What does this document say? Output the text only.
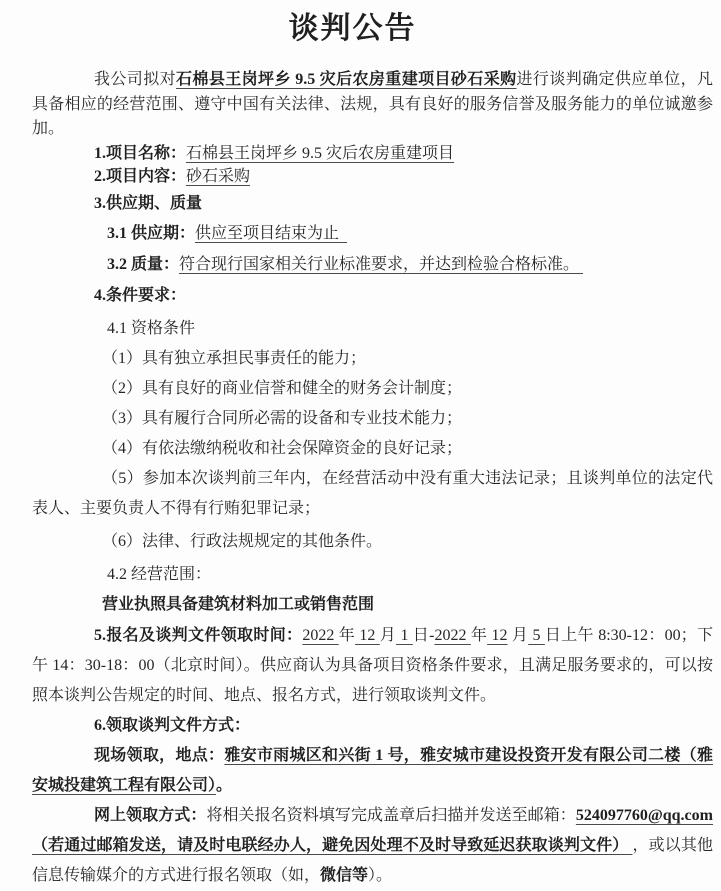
谈判公告
我公司拟对石棉县王岗坪乡 9.5 灾后农房重建项目砂石采购进行谈判确定供应单位，凡具备相应的经营范围、遵守中国有关法律、法规，具有良好的服务信誉及服务能力的单位诚邀参加。
1.项目名称：石棉县王岗坪乡 9.5 灾后农房重建项目
2.项目内容：砂石采购
3.供应期、质量
3.1 供应期：供应至项目结束为止
3.2 质量：符合现行国家相关行业标准要求，并达到检验合格标准。
4.条件要求：
4.1 资格条件
（1）具有独立承担民事责任的能力；
（2）具有良好的商业信誉和健全的财务会计制度；
（3）具有履行合同所必需的设备和专业技术能力；
（4）有依法缴纳税收和社会保障资金的良好记录；
（5）参加本次谈判前三年内，在经营活动中没有重大违法记录；且谈判单位的法定代表人、主要负责人不得有行贿犯罪记录；
（6）法律、行政法规规定的其他条件。
4.2 经营范围：
营业执照具备建筑材料加工或销售范围
5.报名及谈判文件领取时间：2022 年 12 月 1 日-2022 年 12 月 5 日上午 8:30-12：00；下午 14：30-18：00（北京时间）。供应商认为具备项目资格条件要求，且满足服务要求的，可以按照本谈判公告规定的时间、地点、报名方式，进行领取谈判文件。
6.领取谈判文件方式：
现场领取，地点：雅安市雨城区和兴街 1 号，雅安城市建设投资开发有限公司二楼（雅安城投建筑工程有限公司）。
网上领取方式：将相关报名资料填写完成盖章后扫描并发送至邮箱：524097760@qq.com（若通过邮箱发送，请及时电联经办人，避免因处理不及时导致延迟获取谈判文件） ，或以其他信息传输媒介的方式进行报名领取（如，微信等）。
